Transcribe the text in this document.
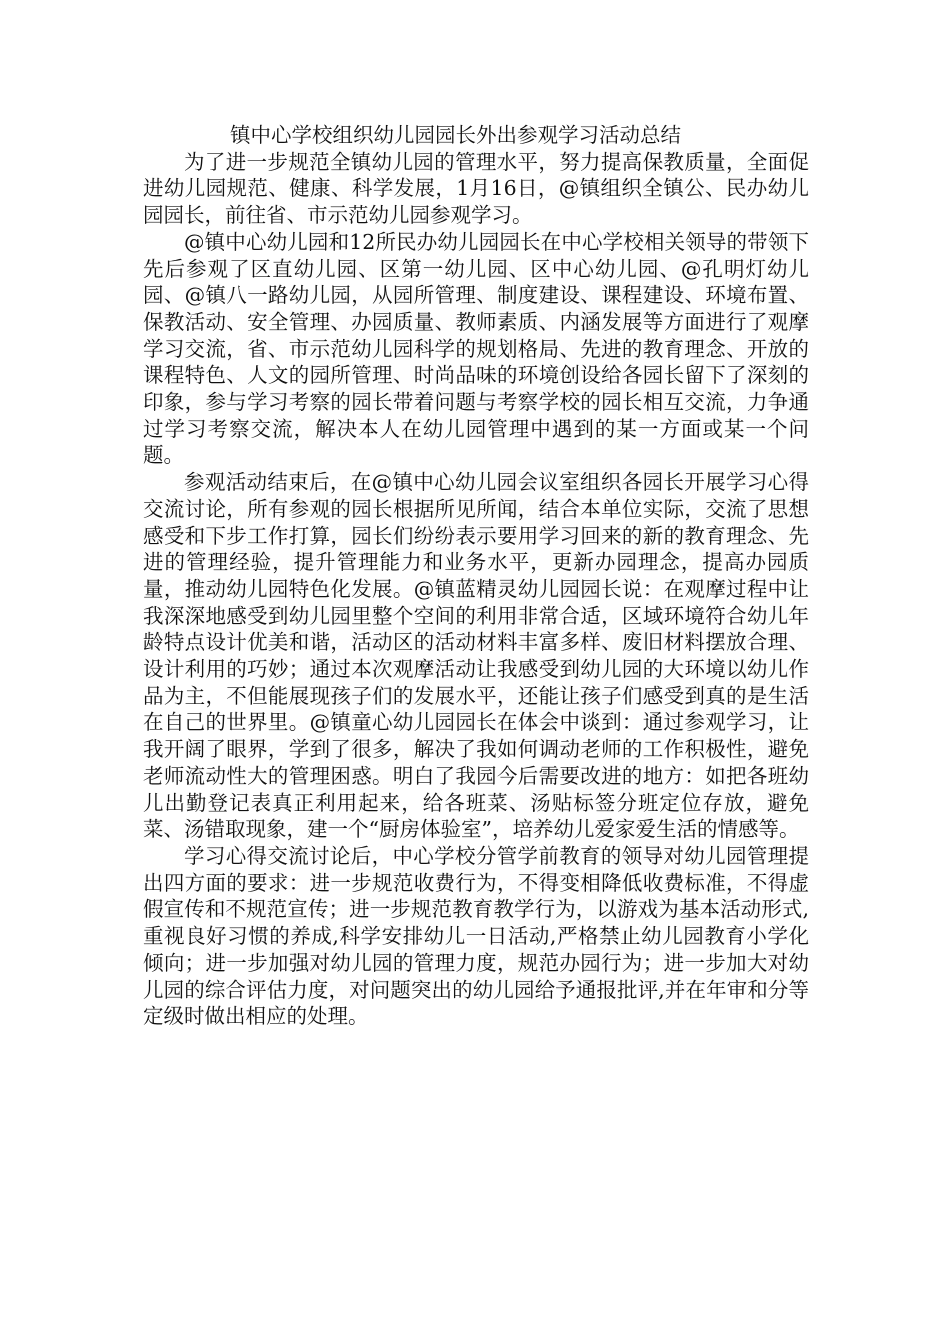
镇中心学校组织幼儿园园长外出参观学习活动总结

为了进一步规范全镇幼儿园的管理水平，努力提高保教质量，全面促进幼儿园规范、健康、科学发展，1月16日，@镇组织全镇公、民办幼儿园园长，前往省、市示范幼儿园参观学习。

@镇中心幼儿园和12所民办幼儿园园长在中心学校相关领导的带领下先后参观了区直幼儿园、区第一幼儿园、区中心幼儿园、@孔明灯幼儿园、@镇八一路幼儿园，从园所管理、制度建设、课程建设、环境布置、保教活动、安全管理、办园质量、教师素质、内涵发展等方面进行了观摩学习交流，省、市示范幼儿园科学的规划格局、先进的教育理念、开放的课程特色、人文的园所管理、时尚品味的环境创设给各园长留下了深刻的印象，参与学习考察的园长带着问题与考察学校的园长相互交流，力争通过学习考察交流，解决本人在幼儿园管理中遇到的某一方面或某一个问题。

参观活动结束后，在@镇中心幼儿园会议室组织各园长开展学习心得交流讨论，所有参观的园长根据所见所闻，结合本单位实际，交流了思想感受和下步工作打算，园长们纷纷表示要用学习回来的新的教育理念、先进的管理经验，提升管理能力和业务水平，更新办园理念，提高办园质量，推动幼儿园特色化发展。@镇蓝精灵幼儿园园长说：在观摩过程中让我深深地感受到幼儿园里整个空间的利用非常合适，区域环境符合幼儿年龄特点设计优美和谐，活动区的活动材料丰富多样、废旧材料摆放合理、设计利用的巧妙；通过本次观摩活动让我感受到幼儿园的大环境以幼儿作品为主，不但能展现孩子们的发展水平，还能让孩子们感受到真的是生活在自己的世界里。@镇童心幼儿园园长在体会中谈到：通过参观学习，让我开阔了眼界，学到了很多，解决了我如何调动老师的工作积极性，避免老师流动性大的管理困惑。明白了我园今后需要改进的地方：如把各班幼儿出勤登记表真正利用起来，给各班菜、汤贴标签分班定位存放，避免菜、汤错取现象，建一个“厨房体验室”，培养幼儿爱家爱生活的情感等。

学习心得交流讨论后，中心学校分管学前教育的领导对幼儿园管理提出四方面的要求：进一步规范收费行为，不得变相降低收费标准，不得虚假宣传和不规范宣传；进一步规范教育教学行为，以游戏为基本活动形式,重视良好习惯的养成,科学安排幼儿一日活动,严格禁止幼儿园教育小学化倾向；进一步加强对幼儿园的管理力度，规范办园行为；进一步加大对幼儿园的综合评估力度，对问题突出的幼儿园给予通报批评,并在年审和分等定级时做出相应的处理。
